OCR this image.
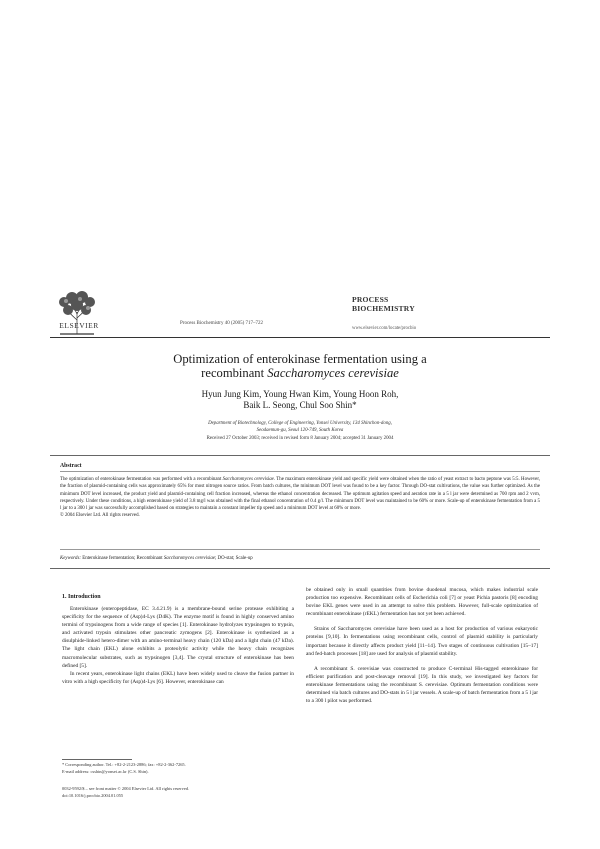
ELSEVIER	Process Biochemistry 40 (2005) 717–722
PROCESS
BIOCHEMISTRY
www.elsevier.com/locate/procbio
Optimization of enterokinase fermentation using a
recombinant Saccharomyces cerevisiae
Hyun Jung Kim, Young Hwan Kim, Young Hoon Roh,
Baik L. Seong, Chul Soo Shin*
Department of Biotechnology, College of Engineering, Yonsei University, 134 Shinchon-dong,
Seodaemun-gu, Seoul 120-749, South Korea
Received 27 October 2003; received in revised form 8 January 2004; accepted 31 January 2004
Abstract
The optimization of enterokinase fermentation was performed with a recombinant Saccharomyces cerevisiae. The maximum enterokinase yield and specific yield were obtained when the ratio of yeast extract to bacto peptone was 5:5. However, the fraction of plasmid-containing cells was approximately 65% for most nitrogen source ratios. From batch cultures, the minimum DOT level was found to be a key factor. Through DO-stat cultivations, the value was further optimized. As the minimum DOT level increased, the product yield and plasmid-containing cell fraction increased, whereas the ethanol concentration decreased. The optimum agitation speed and aeration rate in a 5 l jar were determined as 700 rpm and 2 vvm, respectively. Under these conditions, a high enterokinase yield of 3.8 mg/l was obtained with the final ethanol concentration of 0.4 g/l. The minimum DOT level was maintained to be 60% or more. Scale-up of enterokinase fermentation from a 5 l jar to a 300 l jar was successfully accomplished based on strategies to maintain a constant impeller tip speed and a minimum DOT level at 60% or more.
© 2004 Elsevier Ltd. All rights reserved.
Keywords: Enterokinase fermentation; Recombinant Saccharomyces cerevisiae; DO-stat; Scale-up
1. Introduction

Enterokinase (enteropeptidase, EC 3.4.21.9) is a membrane-bound serine protease exhibiting a specificity for the sequence of (Asp)4-Lys (D4K). The enzyme motif is found in highly conserved amino termini of trypsinogens from a wide range of species [1]. Enterokinase hydrolyzes trypsinogen to trypsin, and activated trypsin stimulates other pancreatic zymogens [2]. Enterokinase is synthesized as a disulphide-linked hetero-dimer with an amino-terminal heavy chain (120 kDa) and a light chain (47 kDa). The light chain (EKL) alone exhibits a proteolytic activity while the heavy chain recognizes macromolecular substrates, such as trypsinogen [3,4]. The crystal structure of enterokinase has been defined [5].

In recent years, enterokinase light chains (EKL) have been widely used to cleave the fusion partner in vitro with a high specificity for (Asp)4-Lys [6]. However, enterokinase can

be obtained only in small quantities from bovine duodenal mucosa, which makes industrial scale production too expensive. Recombinant cells of Escherichia coli [7] or yeast Pichia pastoris [8] encoding bovine EKL genes were used in an attempt to solve this problem. However, full-scale optimization of recombinant enterokinase (rEKL) fermentation has not yet been achieved.

Strains of Saccharomyces cerevisiae have been used as a host for production of various eukaryotic proteins [9,10]. In fermentations using recombinant cells, control of plasmid stability is particularly important because it directly affects product yield [11–14]. Two stages of continuous cultivation [15–17] and fed-batch processes [18] are used for analysis of plasmid stability.

A recombinant S. cerevisiae was constructed to produce C-terminal His-tagged enterokinase for efficient purification and post-cleavage removal [19]. In this study, we investigated key factors for enterokinase fermentations using the recombinant S. cerevisiae. Optimum fermentation conditions were determined via batch cultures and DO-stats in 5 l jar vessels. A scale-up of batch fermentation from a 5 l jar to a 300 l pilot was performed.

* Corresponding author. Tel.: +82-2-2123-2886; fax: +82-2-362-7265.
E-mail address: csshin@yonsei.ac.kr (C.S. Shin).
0032-9592/$ – see front matter © 2004 Elsevier Ltd. All rights reserved.
doi:10.1016/j.procbio.2004.01.055
